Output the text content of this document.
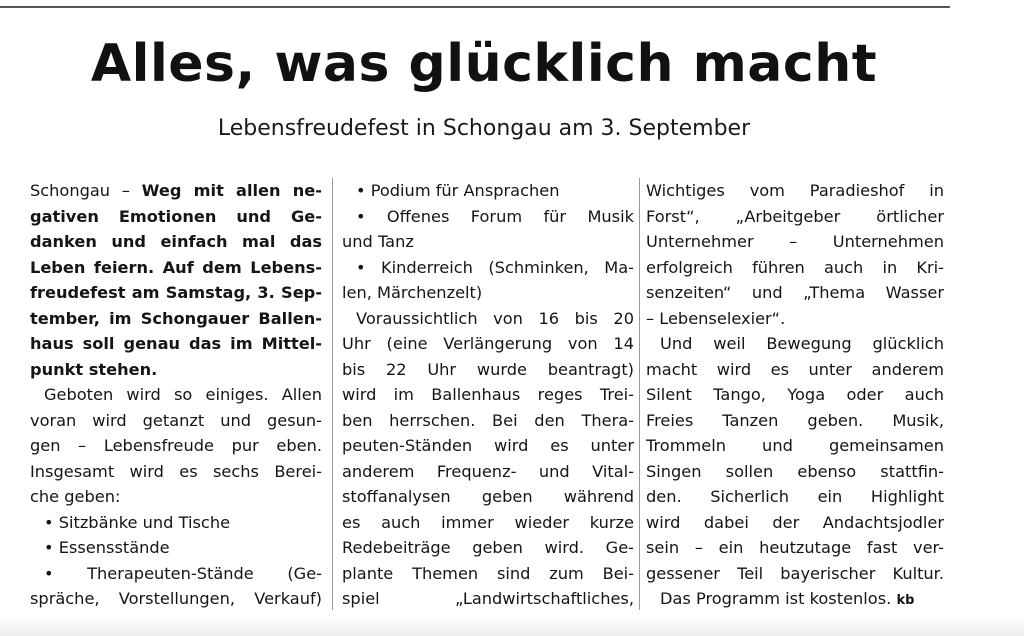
Alles, was glücklich macht
Lebensfreudefest in Schongau am 3. September
Schongau – Weg mit allen ne-
gativen Emotionen und Ge-
danken und einfach mal das
Leben feiern. Auf dem Lebens-
freudefest am Samstag, 3. Sep-
tember, im Schongauer Ballen-
haus soll genau das im Mittel-
punkt stehen.
Geboten wird so einiges. Allen
voran wird getanzt und gesun-
gen – Lebensfreude pur eben.
Insgesamt wird es sechs Berei-
che geben:
• Sitzbänke und Tische
• Essensstände
• Therapeuten-Stände (Ge-
spräche, Vorstellungen, Verkauf)
• Podium für Ansprachen
• Offenes Forum für Musik
und Tanz
• Kinderreich (Schminken, Ma-
len, Märchenzelt)
Voraussichtlich von 16 bis 20
Uhr (eine Verlängerung von 14
bis 22 Uhr wurde beantragt)
wird im Ballenhaus reges Trei-
ben herrschen. Bei den Thera-
peuten-Ständen wird es unter
anderem Frequenz- und Vital-
stoffanalysen geben während
es auch immer wieder kurze
Redebeiträge geben wird. Ge-
plante Themen sind zum Bei-
spiel „Landwirtschaftliches,
Wichtiges vom Paradieshof in
Forst“, „Arbeitgeber örtlicher
Unternehmer – Unternehmen
erfolgreich führen auch in Kri-
senzeiten“ und „Thema Wasser
– Lebenselexier“.
Und weil Bewegung glücklich
macht wird es unter anderem
Silent Tango, Yoga oder auch
Freies Tanzen geben. Musik,
Trommeln und gemeinsamen
Singen sollen ebenso stattfin-
den. Sicherlich ein Highlight
wird dabei der Andachtsjodler
sein – ein heutzutage fast ver-
gessener Teil bayerischer Kultur.
Das Programm ist kostenlos. kb
